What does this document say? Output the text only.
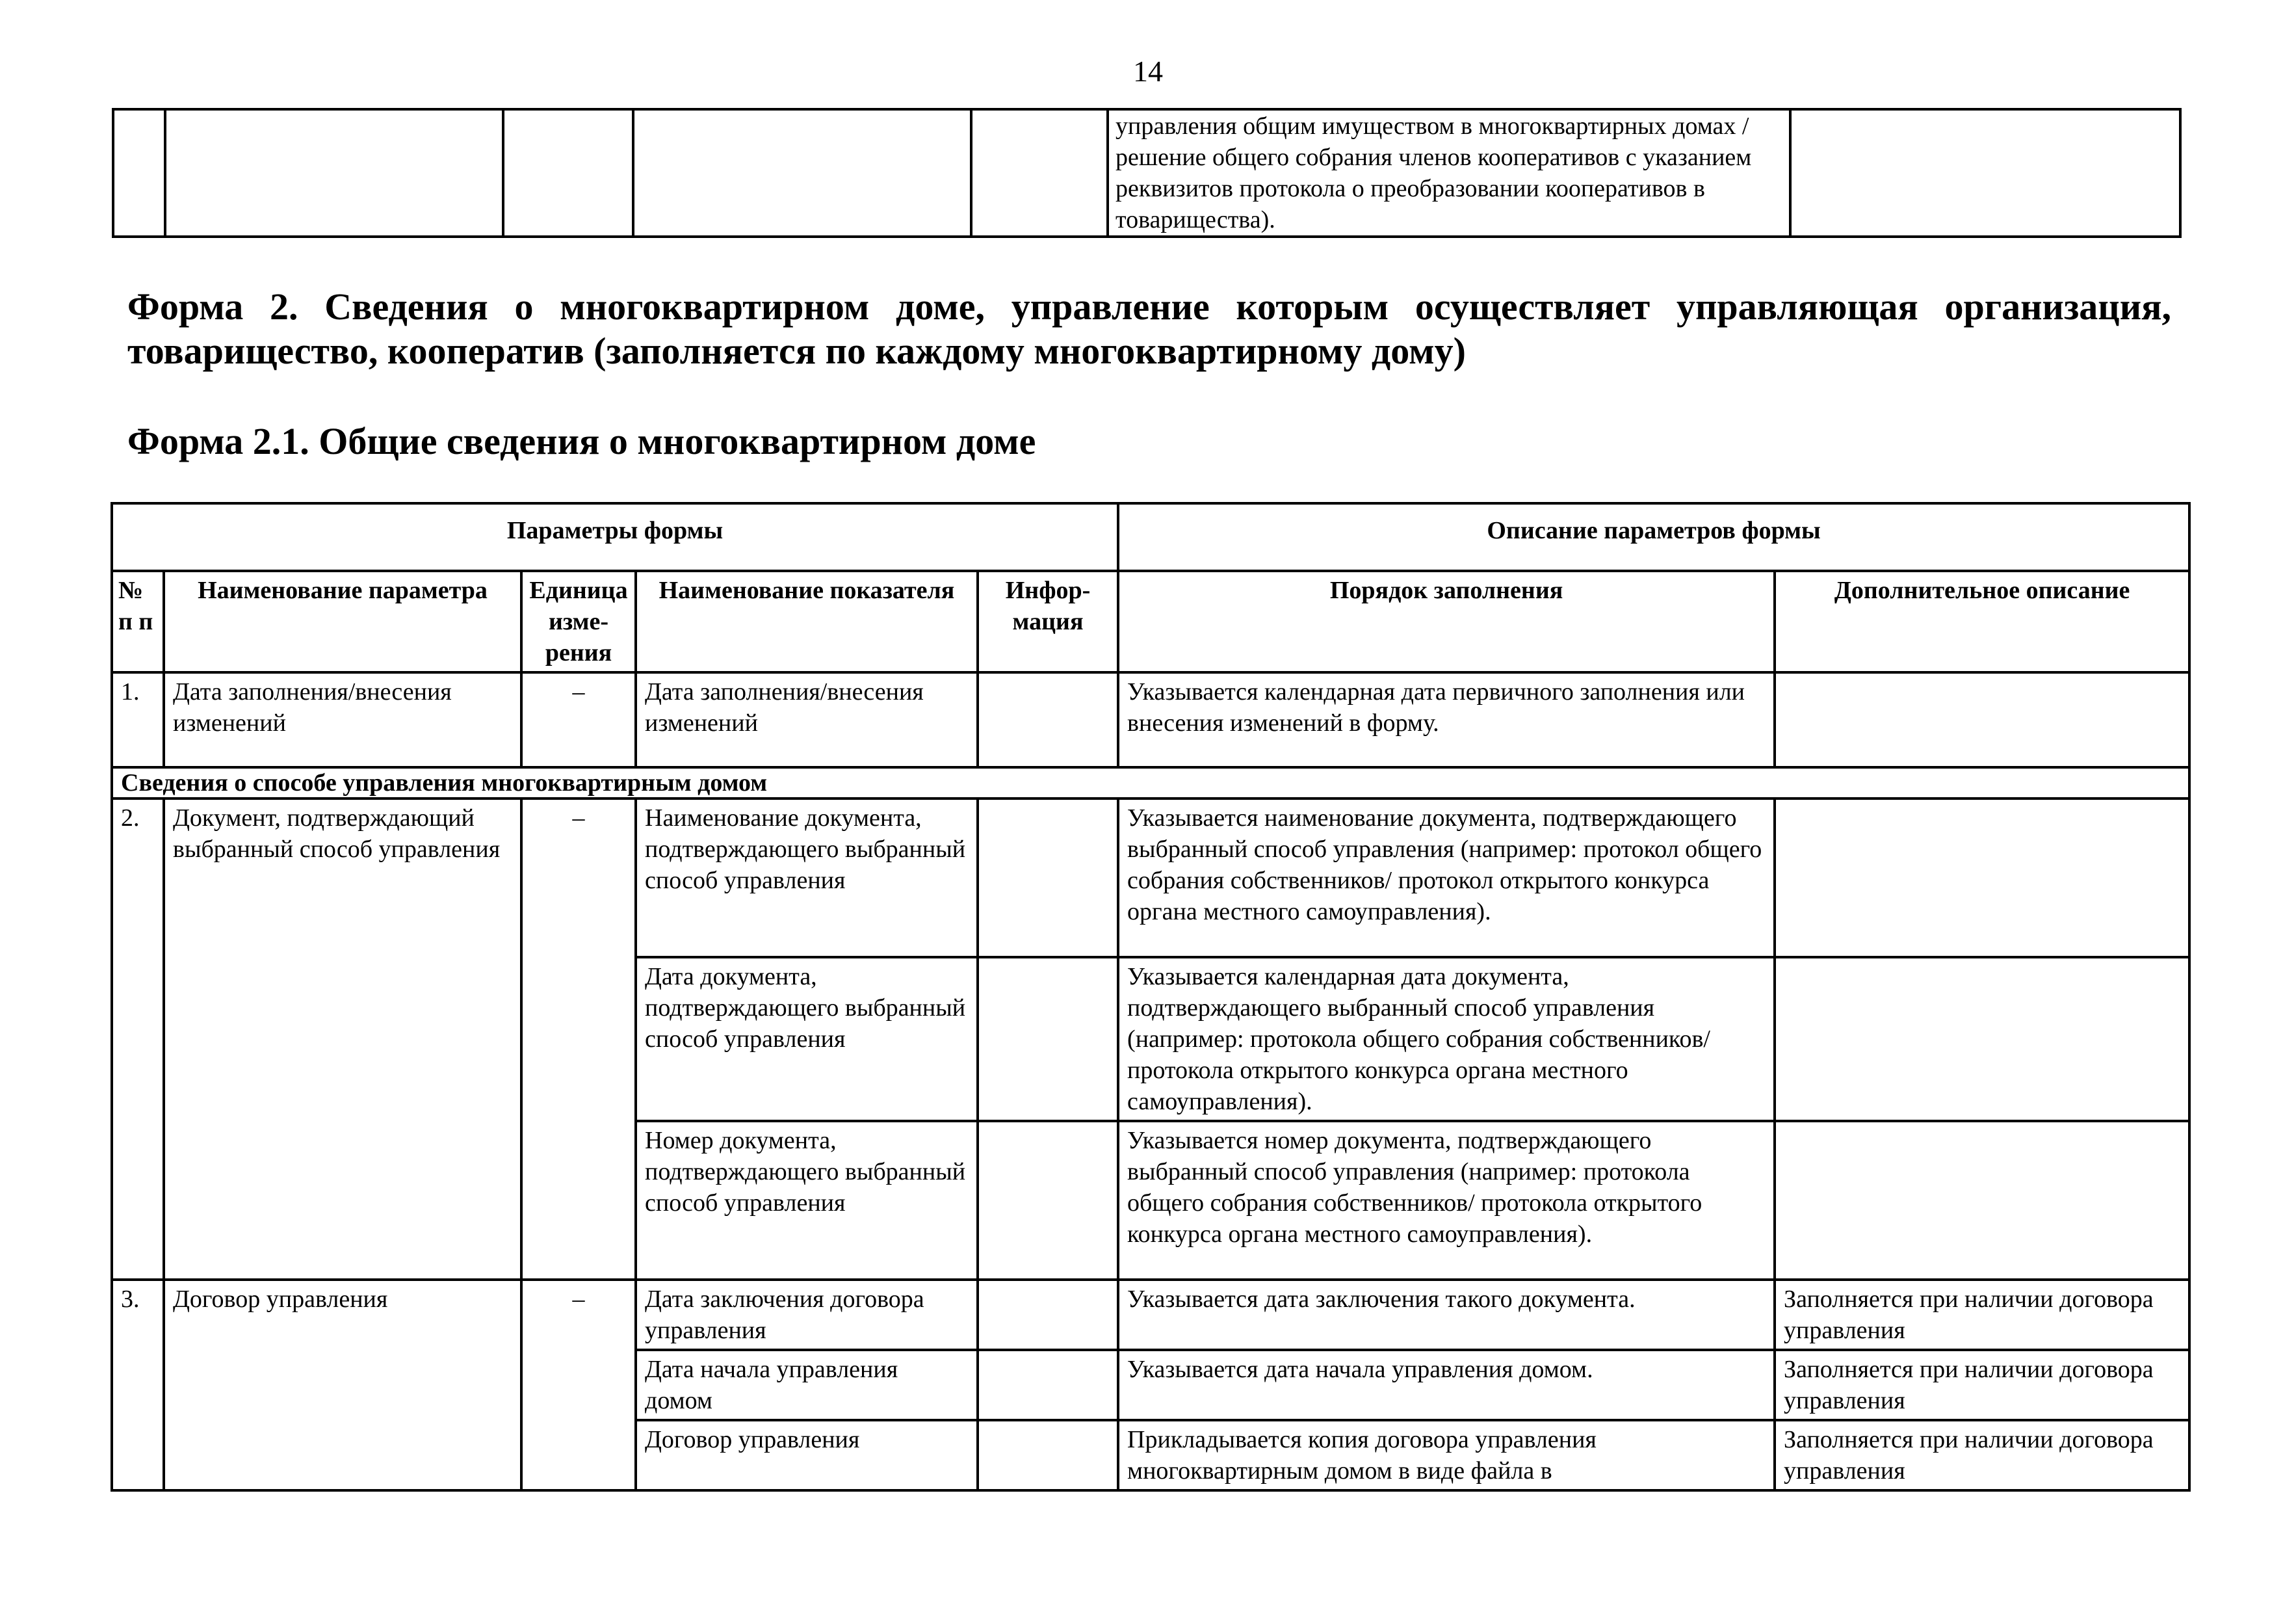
14
					управления общим имуществом в многоквартирных домах / решение общего собрания членов кооперативов с указанием реквизитов протокола о преобразовании кооперативов в товарищества).	
Форма 2. Сведения о многоквартирном доме, управление которым осуществляет управляющая организация, товарищество, кооператив (заполняется по каждому многоквартирному дому)
Форма 2.1. Общие сведения о многоквартирном доме
Параметры формы					Описание параметров формы	
№ п п	Наименование параметра	Единица изме- рения	Наименование показателя	Инфор- мация	Порядок заполнения	Дополнительное описание
1.	Дата заполнения/внесения изменений	–	Дата заполнения/внесения изменений		Указывается календарная дата первичного заполнения или внесения изменений в форму.	
Сведения о способе управления многоквартирным домом						
2.	Документ, подтверждающий выбранный способ управления	–	Наименование документа, подтверждающего выбранный способ управления		Указывается наименование документа, подтверждающего выбранный способ управления (например: протокол общего собрания собственников/ протокол открытого конкурса органа местного самоуправления).	
			Дата документа, подтверждающего выбранный способ управления		Указывается календарная дата документа, подтверждающего выбранный способ управления (например: протокола общего собрания собственников/ протокола открытого конкурса органа местного самоуправления).	
			Номер документа, подтверждающего выбранный способ управления		Указывается номер документа, подтверждающего выбранный способ управления (например: протокола общего собрания собственников/ протокола открытого конкурса органа местного самоуправления).	
3.	Договор управления	–	Дата заключения договора управления		Указывается дата заключения такого документа.	Заполняется при наличии договора управления
			Дата начала управления домом		Указывается дата начала управления домом.	Заполняется при наличии договора управления
			Договор управления		Прикладывается копия договора управления многоквартирным домом в виде файла в	Заполняется при наличии договора управления
